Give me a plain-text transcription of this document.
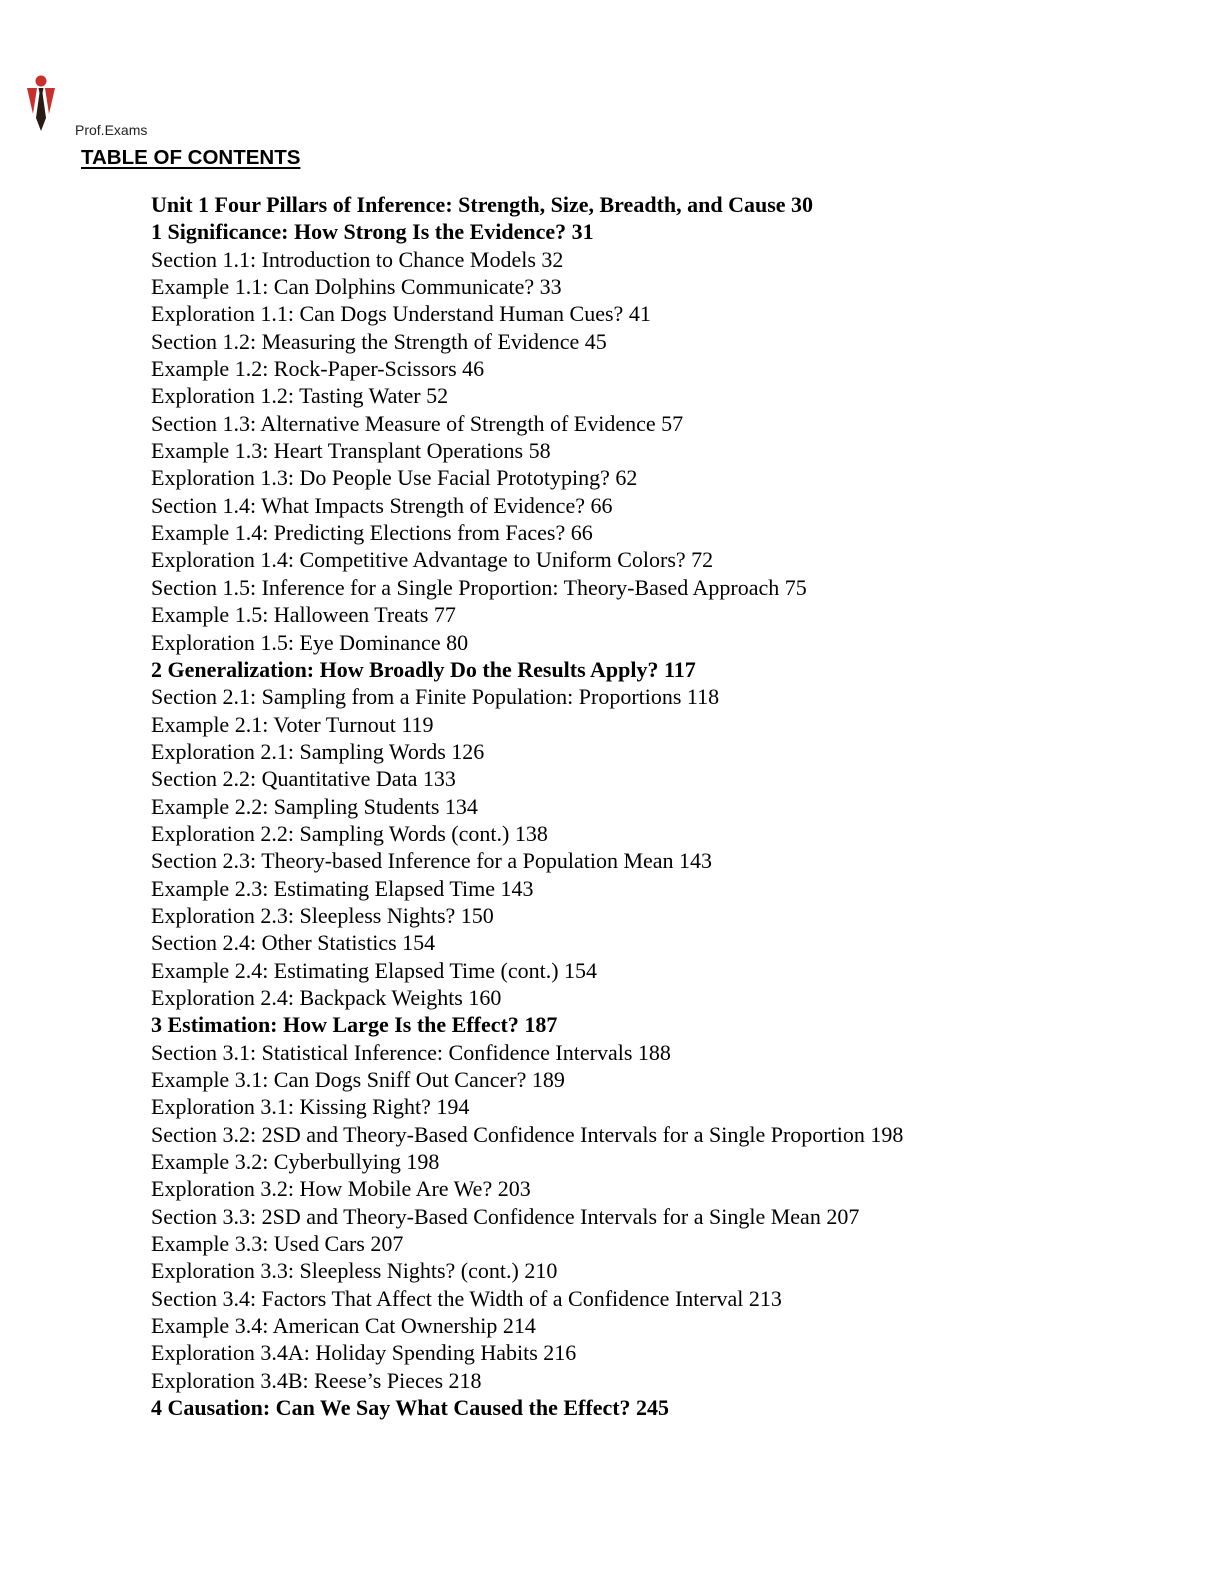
Prof.Exams
TABLE OF CONTENTS
Unit 1 Four Pillars of Inference: Strength, Size, Breadth, and Cause 30
1 Significance: How Strong Is the Evidence? 31
Section 1.1: Introduction to Chance Models 32
Example 1.1: Can Dolphins Communicate? 33
Exploration 1.1: Can Dogs Understand Human Cues? 41
Section 1.2: Measuring the Strength of Evidence 45
Example 1.2: Rock-Paper-Scissors 46
Exploration 1.2: Tasting Water 52
Section 1.3: Alternative Measure of Strength of Evidence 57
Example 1.3: Heart Transplant Operations 58
Exploration 1.3: Do People Use Facial Prototyping? 62
Section 1.4: What Impacts Strength of Evidence? 66
Example 1.4: Predicting Elections from Faces? 66
Exploration 1.4: Competitive Advantage to Uniform Colors? 72
Section 1.5: Inference for a Single Proportion: Theory-Based Approach 75
Example 1.5: Halloween Treats 77
Exploration 1.5: Eye Dominance 80
2 Generalization: How Broadly Do the Results Apply? 117
Section 2.1: Sampling from a Finite Population: Proportions 118
Example 2.1: Voter Turnout 119
Exploration 2.1: Sampling Words 126
Section 2.2: Quantitative Data 133
Example 2.2: Sampling Students 134
Exploration 2.2: Sampling Words (cont.) 138
Section 2.3: Theory-based Inference for a Population Mean 143
Example 2.3: Estimating Elapsed Time 143
Exploration 2.3: Sleepless Nights? 150
Section 2.4: Other Statistics 154
Example 2.4: Estimating Elapsed Time (cont.) 154
Exploration 2.4: Backpack Weights 160
3 Estimation: How Large Is the Effect? 187
Section 3.1: Statistical Inference: Confidence Intervals 188
Example 3.1: Can Dogs Sniff Out Cancer? 189
Exploration 3.1: Kissing Right? 194
Section 3.2: 2SD and Theory-Based Confidence Intervals for a Single Proportion 198
Example 3.2: Cyberbullying 198
Exploration 3.2: How Mobile Are We? 203
Section 3.3: 2SD and Theory-Based Confidence Intervals for a Single Mean 207
Example 3.3: Used Cars 207
Exploration 3.3: Sleepless Nights? (cont.) 210
Section 3.4: Factors That Affect the Width of a Confidence Interval 213
Example 3.4: American Cat Ownership 214
Exploration 3.4A: Holiday Spending Habits 216
Exploration 3.4B: Reese’s Pieces 218
4 Causation: Can We Say What Caused the Effect? 245
